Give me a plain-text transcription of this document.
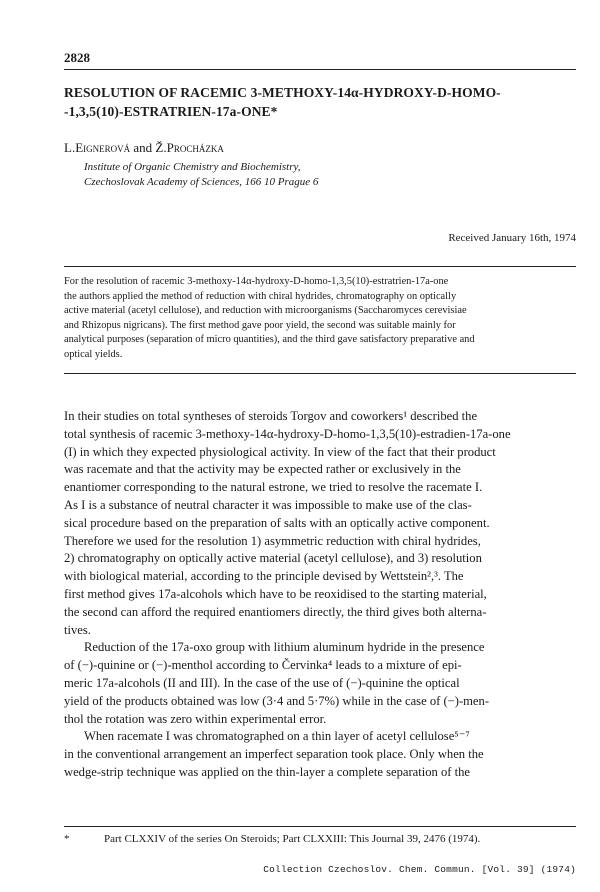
2828
RESOLUTION OF RACEMIC 3-METHOXY-14α-HYDROXY-D-HOMO-
-1,3,5(10)-ESTRATRIEN-17a-ONE*
L.Eignerová and Ž.Procházka
Institute of Organic Chemistry and Biochemistry,
Czechoslovak Academy of Sciences, 166 10 Prague 6
Received January 16th, 1974
For the resolution of racemic 3-methoxy-14α-hydroxy-D-homo-1,3,5(10)-estratrien-17a-one
the authors applied the method of reduction with chiral hydrides, chromatography on optically
active material (acetyl cellulose), and reduction with microorganisms (Saccharomyces cerevisiae
and Rhizopus nigricans). The first method gave poor yield, the second was suitable mainly for
analytical purposes (separation of micro quantities), and the third gave satisfactory preparative and
optical yields.
In their studies on total syntheses of steroids Torgov and coworkers¹ described the
total synthesis of racemic 3-methoxy-14α-hydroxy-D-homo-1,3,5(10)-estradien-17a-one
(I) in which they expected physiological activity. In view of the fact that their product
was racemate and that the activity may be expected rather or exclusively in the
enantiomer corresponding to the natural estrone, we tried to resolve the racemate I.
As I is a substance of neutral character it was impossible to make use of the clas-
sical procedure based on the preparation of salts with an optically active component.
Therefore we used for the resolution 1) asymmetric reduction with chiral hydrides,
2) chromatography on optically active material (acetyl cellulose), and 3) resolution
with biological material, according to the principle devised by Wettstein²,³. The
first method gives 17a-alcohols which have to be reoxidised to the starting material,
the second can afford the required enantiomers directly, the third gives both alterna-
tives.
Reduction of the 17a-oxo group with lithium aluminum hydride in the presence
of (−)-quinine or (−)-menthol according to Červinka⁴ leads to a mixture of epi-
meric 17a-alcohols (II and III). In the case of the use of (−)-quinine the optical
yield of the products obtained was low (3·4 and 5·7%) while in the case of (−)-men-
thol the rotation was zero within experimental error.
When racemate I was chromatographed on a thin layer of acetyl cellulose⁵⁻⁷
in the conventional arrangement an imperfect separation took place. Only when the
wedge-strip technique was applied on the thin-layer a complete separation of the
*	Part CLXXIV of the series On Steroids; Part CLXXIII: This Journal 39, 2476 (1974).
Collection Czechoslov. Chem. Commun. [Vol. 39] (1974)
